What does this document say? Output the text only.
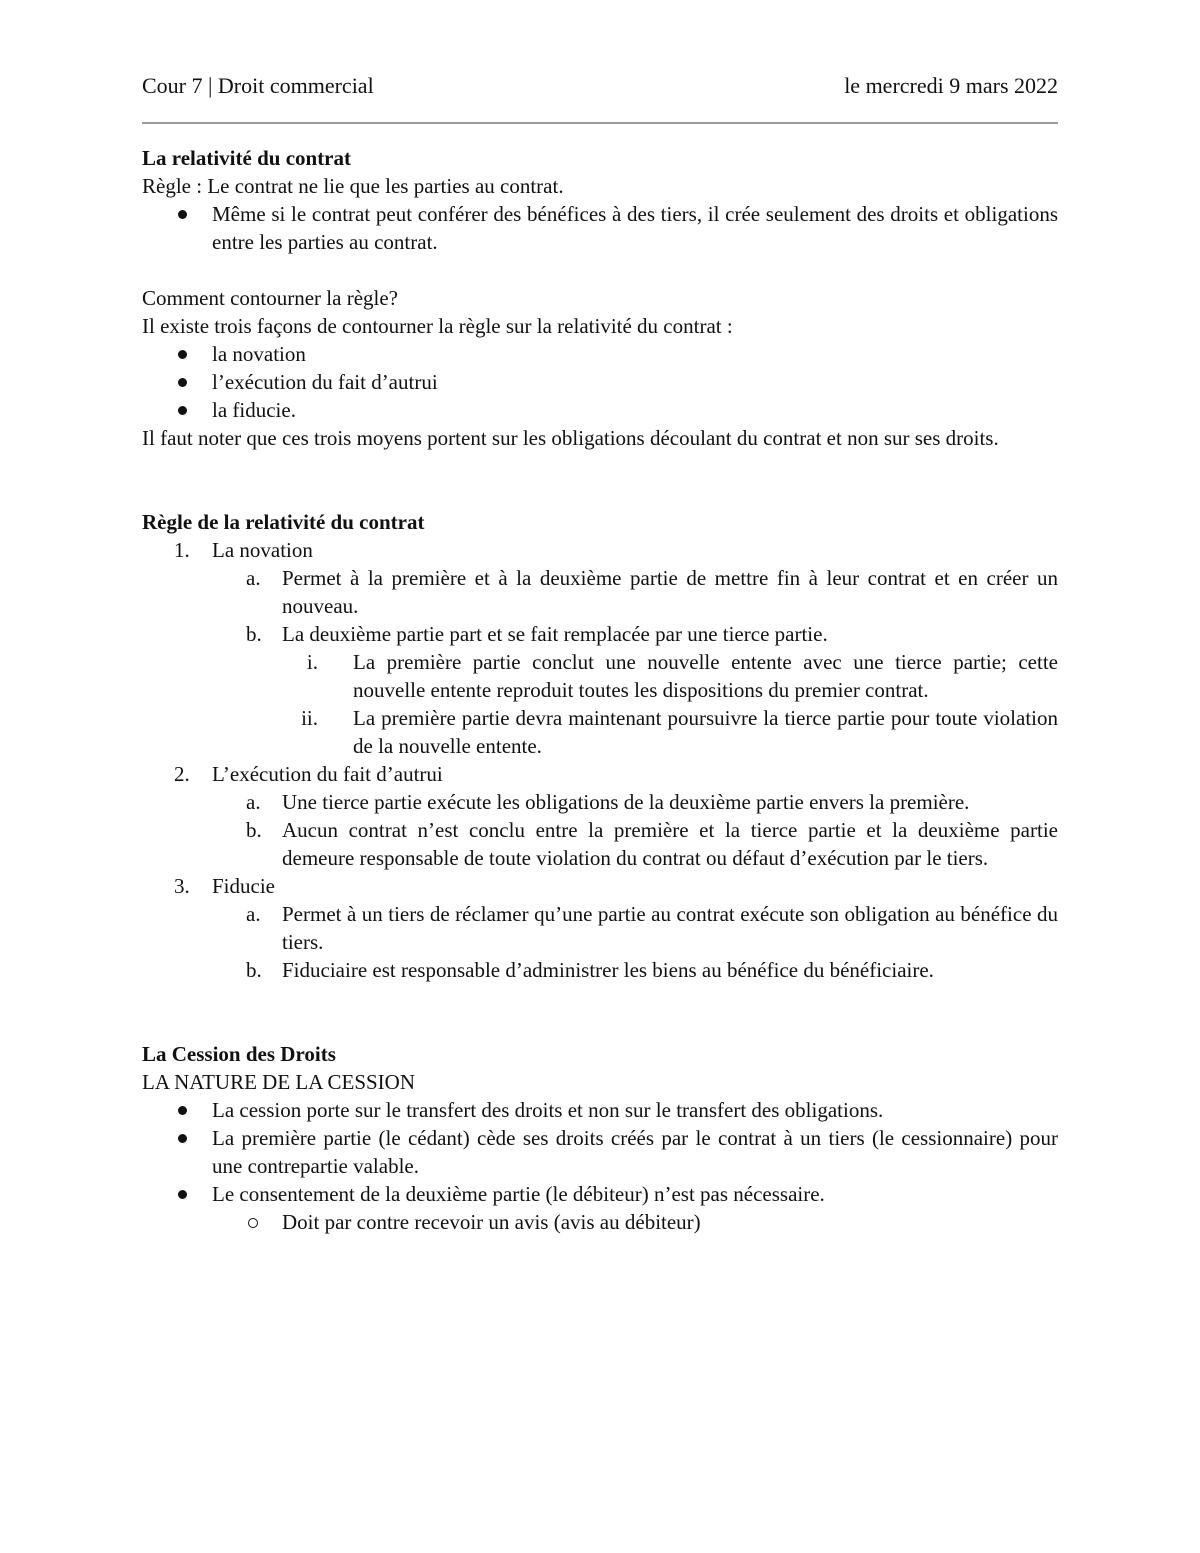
Cour 7 | Droit commercial	le mercredi 9 mars 2022

La relativité du contrat

Règle : Le contrat ne lie que les parties au contrat.

Même si le contrat peut conférer des bénéfices à des tiers, il crée seulement des droits et obligations entre les parties au contrat.

Comment contourner la règle?

Il existe trois façons de contourner la règle sur la relativité du contrat :

la novation
l’exécution du fait d’autrui
la fiducie.

Il faut noter que ces trois moyens portent sur les obligations découlant du contrat et non sur ses droits.

Règle de la relativité du contrat

1. La novation
a. Permet à la première et à la deuxième partie de mettre fin à leur contrat et en créer un nouveau.
b. La deuxième partie part et se fait remplacée par une tierce partie.
i. La première partie conclut une nouvelle entente avec une tierce partie; cette nouvelle entente reproduit toutes les dispositions du premier contrat.
ii. La première partie devra maintenant poursuivre la tierce partie pour toute violation de la nouvelle entente.
2. L’exécution du fait d’autrui
a. Une tierce partie exécute les obligations de la deuxième partie envers la première.
b. Aucun contrat n’est conclu entre la première et la tierce partie et la deuxième partie demeure responsable de toute violation du contrat ou défaut d’exécution par le tiers.
3. Fiducie
a. Permet à un tiers de réclamer qu’une partie au contrat exécute son obligation au bénéfice du tiers.
b. Fiduciaire est responsable d’administrer les biens au bénéfice du bénéficiaire.

La Cession des Droits

LA NATURE DE LA CESSION

La cession porte sur le transfert des droits et non sur le transfert des obligations.
La première partie (le cédant) cède ses droits créés par le contrat à un tiers (le cessionnaire) pour une contrepartie valable.
Le consentement de la deuxième partie (le débiteur) n’est pas nécessaire.
Doit par contre recevoir un avis (avis au débiteur)
